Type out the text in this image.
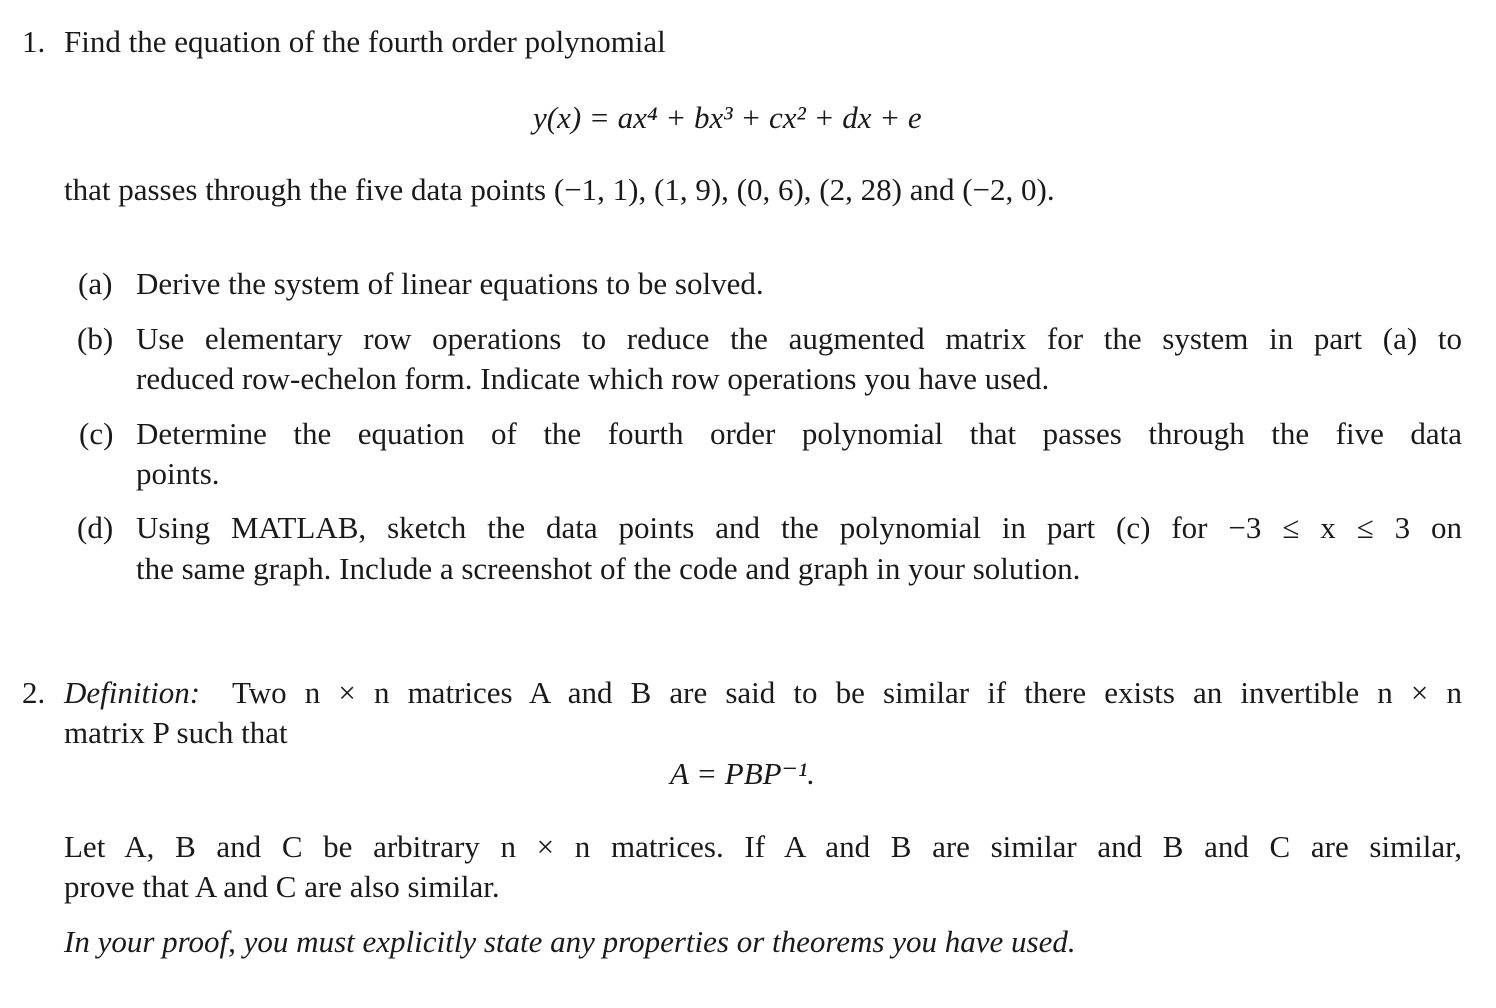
1. Find the equation of the fourth order polynomial
y(x) = ax⁴ + bx³ + cx² + dx + e
that passes through the five data points (−1, 1), (1, 9), (0, 6), (2, 28) and (−2, 0).
(a) Derive the system of linear equations to be solved.
(b) Use elementary row operations to reduce the augmented matrix for the system in part (a) to
reduced row-echelon form. Indicate which row operations you have used.
(c) Determine the equation of the fourth order polynomial that passes through the five data
points.
(d) Using MATLAB, sketch the data points and the polynomial in part (c) for −3 ≤ x ≤ 3 on
the same graph. Include a screenshot of the code and graph in your solution.
2. Definition: Two n × n matrices A and B are said to be similar if there exists an invertible n × n
matrix P such that
A = PBP⁻¹.
Let A, B and C be arbitrary n × n matrices. If A and B are similar and B and C are similar,
prove that A and C are also similar.
In your proof, you must explicitly state any properties or theorems you have used.
